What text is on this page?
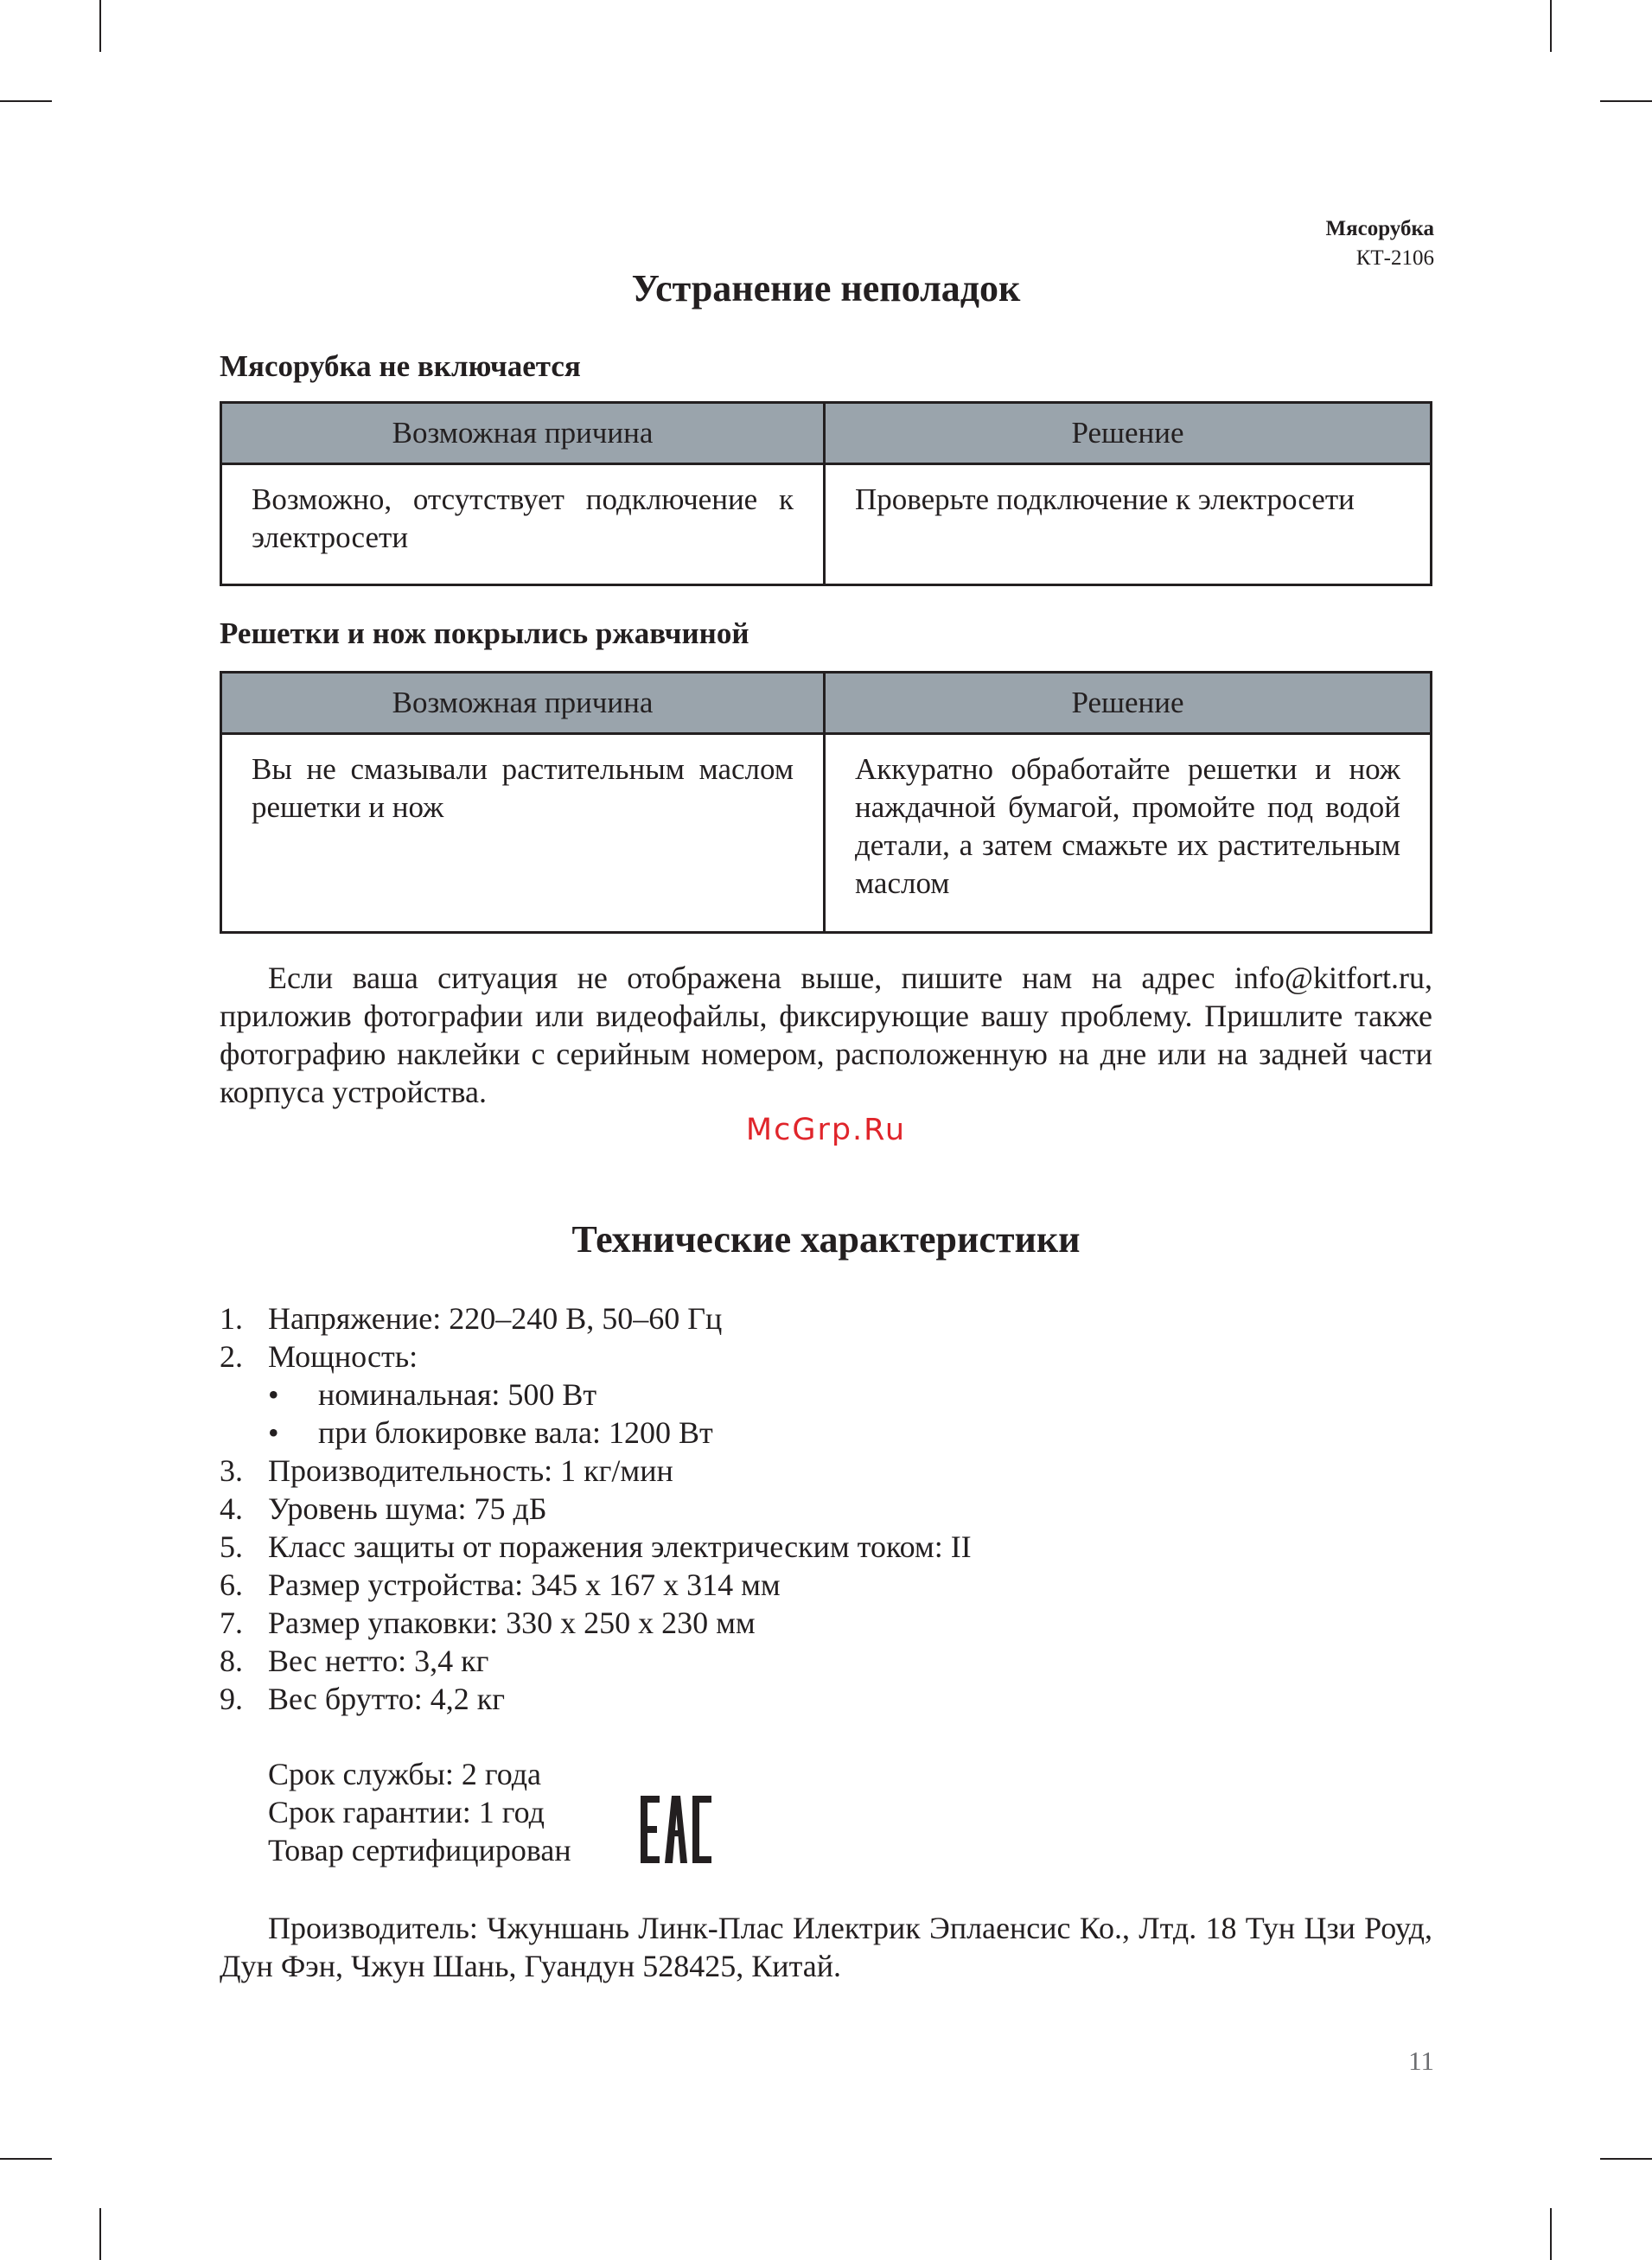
Мясорубка
КТ-2106
Устранение неполадок
Мясорубка не включается
Возможная причина	Решение
Возможно, отсутствует подключение к электросети	Проверьте подключение к электросети
Решетки и нож покрылись ржавчиной
Возможная причина	Решение
Вы не смазывали растительным маслом решетки и нож	Аккуратно обработайте решетки и нож наждачной бумагой, промойте под водой детали, а затем смажьте их растительным маслом

Если ваша ситуация не отображена выше, пишите нам на адрес info@kitfort.ru, приложив фотографии или видеофайлы, фиксирующие вашу проблему. Пришлите также фотографию наклейки с серийным номером, расположенную на дне или на задней части корпуса устройства.

McGrp.Ru
Технические характеристики
1. Напряжение: 220–240 В, 50–60 Гц
2. Мощность:
• номинальная: 500 Вт
• при блокировке вала: 1200 Вт
3. Производительность: 1 кг/мин
4. Уровень шума: 75 дБ
5. Класс защиты от поражения электрическим током: II
6. Размер устройства: 345 х 167 х 314 мм
7. Размер упаковки: 330 х 250 х 230 мм
8. Вес нетто: 3,4 кг
9. Вес брутто: 4,2 кг
Срок службы: 2 года
Срок гарантии: 1 год
Товар сертифицирован

Производитель: Чжуншань Линк-Плас Илектрик Эплаенсис Ко., Лтд. 18 Тун Цзи Роуд, Дун Фэн, Чжун Шань, Гуандун 528425, Китай.

11
